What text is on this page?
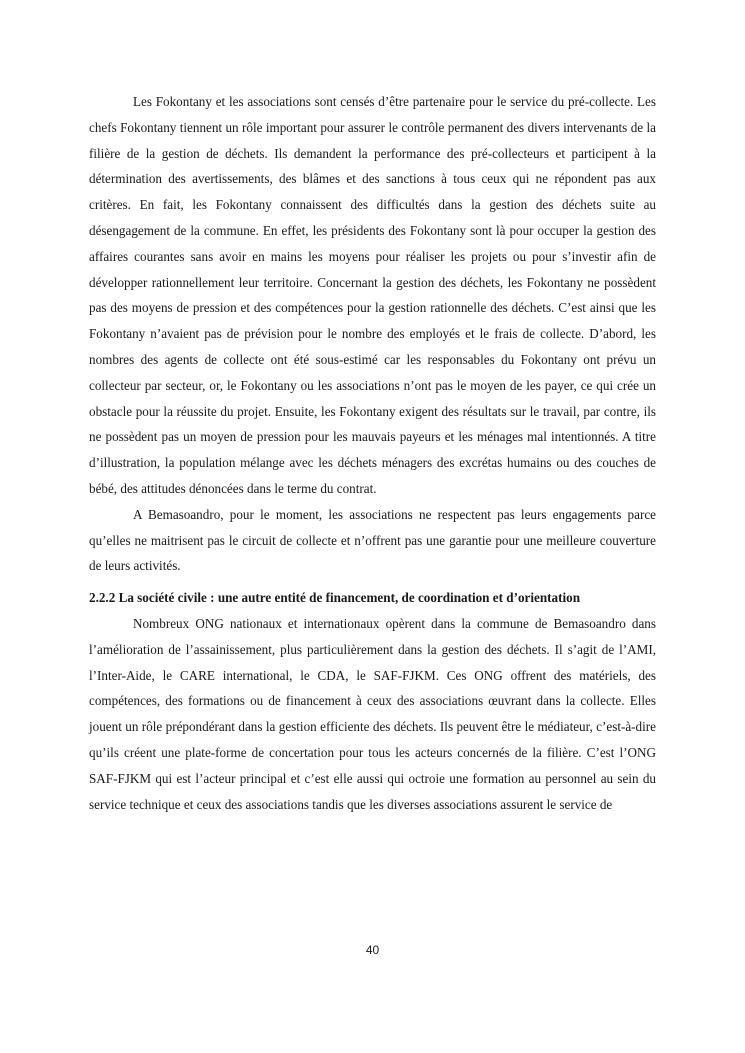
Les Fokontany et les associations sont censés d’être partenaire pour le service du pré-collecte. Les chefs Fokontany tiennent un rôle important pour assurer le contrôle permanent des divers intervenants de la filière de la gestion de déchets. Ils demandent la performance des pré-collecteurs et participent à la détermination des avertissements, des blâmes et des sanctions à tous ceux qui ne répondent pas aux critères. En fait, les Fokontany connaissent des difficultés dans la gestion des déchets suite au désengagement de la commune. En effet, les présidents des Fokontany sont là pour occuper la gestion des affaires courantes sans avoir en mains les moyens pour réaliser les projets ou pour s’investir afin de développer rationnellement leur territoire. Concernant la gestion des déchets, les Fokontany ne possèdent pas des moyens de pression et des compétences pour la gestion rationnelle des déchets. C’est ainsi que les Fokontany n’avaient pas de prévision pour le nombre des employés et le frais de collecte. D’abord, les nombres des agents de collecte ont été sous-estimé car les responsables du Fokontany ont prévu un collecteur par secteur, or, le Fokontany ou les associations n’ont pas le moyen de les payer, ce qui crée un obstacle pour la réussite du projet. Ensuite, les Fokontany exigent des résultats sur le travail, par contre, ils ne possèdent pas un moyen de pression pour les mauvais payeurs et les ménages mal intentionnés. A titre d’illustration, la population mélange avec les déchets ménagers des excrétas humains ou des couches de bébé, des attitudes dénoncées dans le terme du contrat.

A Bemasoandro, pour le moment, les associations ne respectent pas leurs engagements parce qu’elles ne maitrisent pas le circuit de collecte et n’offrent pas une garantie pour une meilleure couverture de leurs activités.

2.2.2 La société civile : une autre entité de financement, de coordination et d’orientation

Nombreux ONG nationaux et internationaux opèrent dans la commune de Bemasoandro dans l’amélioration de l’assainissement, plus particulièrement dans la gestion des déchets. Il s’agit de l’AMI, l’Inter-Aide, le CARE international, le CDA, le SAF-FJKM. Ces ONG offrent des matériels, des compétences, des formations ou de financement à ceux des associations œuvrant dans la collecte. Elles jouent un rôle prépondérant dans la gestion efficiente des déchets. Ils peuvent être le médiateur, c’est-à-dire qu’ils créent une plate-forme de concertation pour tous les acteurs concernés de la filière. C’est l’ONG SAF-FJKM qui est l’acteur principal et c’est elle aussi qui octroie une formation au personnel au sein du service technique et ceux des associations tandis que les diverses associations assurent le service de

40
